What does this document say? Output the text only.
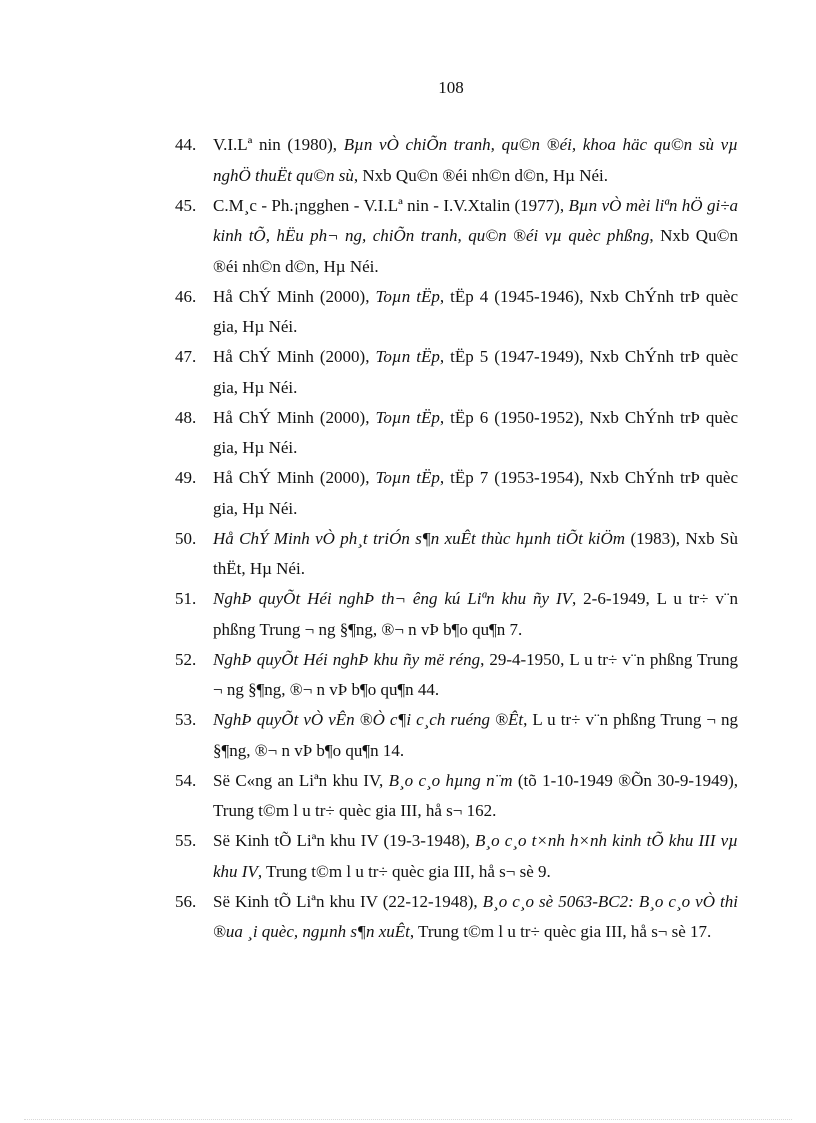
108
44. V.I.Lª nin (1980), Bµn vÒ chiÕn tranh, qu©n ®éi, khoa häc qu©n sù vµ nghÖ thuËt qu©n sù, Nxb Qu©n ®éi nh©n d©n, Hµ Néi.
45. C.M¸c - Ph.¡ngghen - V.I.Lª nin - I.V.Xtalin (1977), Bµn vÒ mèi liªn hÖ gi÷a kinh tÕ, hËu ph¬ ng, chiÕn tranh, qu©n ®éi vµ quèc phßng, Nxb Qu©n ®éi nh©n d©n, Hµ Néi.
46. Hå ChÝ Minh (2000), Toµn tËp, tËp 4 (1945-1946), Nxb ChÝnh trÞ quèc gia, Hµ Néi.
47. Hå ChÝ Minh (2000), Toµn tËp, tËp 5 (1947-1949), Nxb ChÝnh trÞ quèc gia, Hµ Néi.
48. Hå ChÝ Minh (2000), Toµn tËp, tËp 6 (1950-1952), Nxb ChÝnh trÞ quèc gia, Hµ Néi.
49. Hå ChÝ Minh (2000), Toµn tËp, tËp 7 (1953-1954), Nxb ChÝnh trÞ quèc gia, Hµ Néi.
50. Hå ChÝ Minh vÒ ph¸t triÓn s¶n xuÊt thùc hµnh tiÕt kiÖm (1983), Nxb Sù thËt, Hµ Néi.
51. NghÞ quyÕt Héi nghÞ th¬ êng kú Liªn khu ñy IV, 2-6-1949, L u tr÷ v¨n phßng Trung ¬ ng §¶ng, ®¬ n vÞ b¶o qu¶n 7.
52. NghÞ quyÕt Héi nghÞ khu ñy më réng, 29-4-1950, L u tr÷ v¨n phßng Trung ¬ ng §¶ng, ®¬ n vÞ b¶o qu¶n 44.
53. NghÞ quyÕt vÒ vÊn ®Ò c¶i c¸ch ruéng ®Êt, L u tr÷ v¨n phßng Trung ¬ ng §¶ng, ®¬ n vÞ b¶o qu¶n 14.
54. Së C«ng an Liªn khu IV, B¸o c¸o hµng n¨m (tõ 1-10-1949 ®Õn 30-9-1949), Trung t©m l u tr÷ quèc gia III, hå s¬ 162.
55. Së Kinh tÕ Liªn khu IV (19-3-1948), B¸o c¸o t×nh h×nh kinh tÕ khu III vµ khu IV, Trung t©m l u tr÷ quèc gia III, hå s¬ sè 9.
56. Së Kinh tÕ Liªn khu IV (22-12-1948), B¸o c¸o sè 5063-BC2: B¸o c¸o vÒ thi ®ua ¸i quèc, ngµnh s¶n xuÊt, Trung t©m l u tr÷ quèc gia III, hå s¬ sè 17.
